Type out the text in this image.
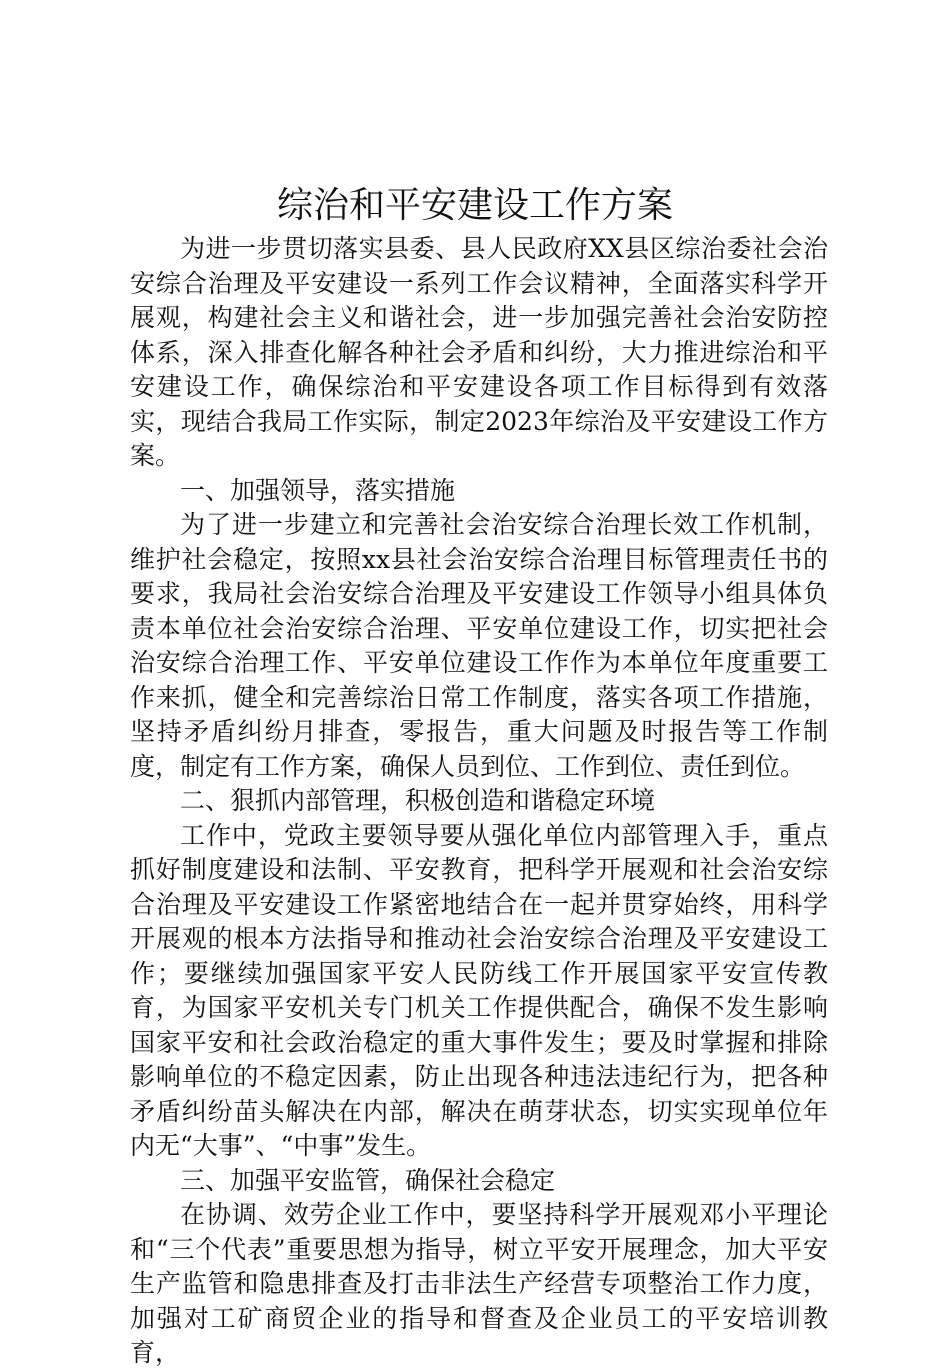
综治和平安建设工作方案

为进一步贯切落实县委、县人民政府XX县区综治委社会治安综合治理及平安建设一系列工作会议精神，全面落实科学开展观，构建社会主义和谐社会，进一步加强完善社会治安防控体系，深入排查化解各种社会矛盾和纠纷，大力推进综治和平安建设工作，确保综治和平安建设各项工作目标得到有效落实，现结合我局工作实际，制定2023年综治及平安建设工作方案。

一、加强领导，落实措施

为了进一步建立和完善社会治安综合治理长效工作机制，维护社会稳定，按照xx县社会治安综合治理目标管理责任书的要求，我局社会治安综合治理及平安建设工作领导小组具体负责本单位社会治安综合治理、平安单位建设工作，切实把社会治安综合治理工作、平安单位建设工作作为本单位年度重要工作来抓，健全和完善综治日常工作制度，落实各项工作措施，坚持矛盾纠纷月排查，零报告，重大问题及时报告等工作制度，制定有工作方案，确保人员到位、工作到位、责任到位。

二、狠抓内部管理，积极创造和谐稳定环境

工作中，党政主要领导要从强化单位内部管理入手，重点抓好制度建设和法制、平安教育，把科学开展观和社会治安综合治理及平安建设工作紧密地结合在一起并贯穿始终，用科学开展观的根本方法指导和推动社会治安综合治理及平安建设工作；要继续加强国家平安人民防线工作开展国家平安宣传教育，为国家平安机关专门机关工作提供配合，确保不发生影响国家平安和社会政治稳定的重大事件发生；要及时掌握和排除影响单位的不稳定因素，防止出现各种违法违纪行为，把各种矛盾纠纷苗头解决在内部，解决在萌芽状态，切实实现单位年内无“大事”、“中事”发生。

三、加强平安监管，确保社会稳定

在协调、效劳企业工作中，要坚持科学开展观邓小平理论和“三个代表”重要思想为指导，树立平安开展理念，加大平安生产监管和隐患排查及打击非法生产经营专项整治工作力度，加强对工矿商贸企业的指导和督查及企业员工的平安培训教育，
